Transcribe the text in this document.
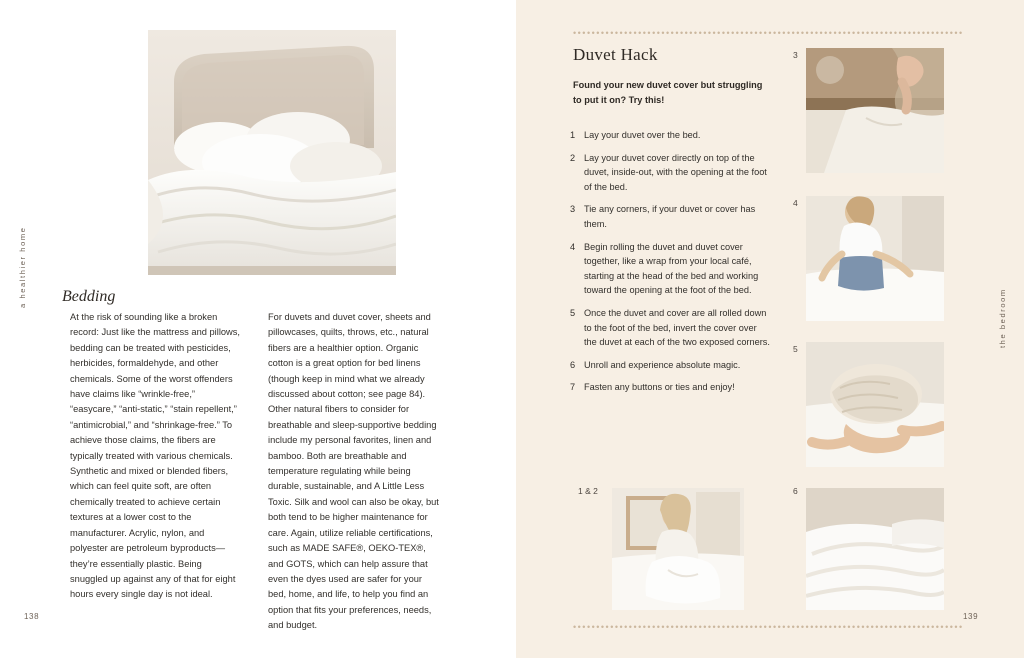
a healthier home Bedding

At the risk of sounding like a broken record: Just like the mattress and pillows, bedding can be treated with pesticides, herbicides, formaldehyde, and other chemicals. Some of the worst offenders have claims like “wrinkle-free,” “easycare,” “anti-static,” “stain repellent,” “antimicrobial,” and “shrinkage-free.” To achieve those claims, the fibers are typically treated with various chemicals. Synthetic and mixed or blended fibers, which can feel quite soft, are often chemically treated to achieve certain textures at a lower cost to the manufacturer. Acrylic, nylon, and polyester are petroleum byproducts—they’re essentially plastic. Being snuggled up against any of that for eight hours every single day is not ideal.

For duvets and duvet cover, sheets and pillowcases, quilts, throws, etc., natural fibers are a healthier option. Organic cotton is a great option for bed linens (though keep in mind what we already discussed about cotton; see page 84). Other natural fibers to consider for breathable and sleep-supportive bedding include my personal favorites, linen and bamboo. Both are breathable and temperature regulating while being durable, sustainable, and A Little Less Toxic. Silk and wool can also be okay, but both tend to be higher maintenance for care. Again, utilize reliable certifications, such as MADE SAFE®, OEKO-TEX®, and GOTS, which can help assure that even the dyes used are safer for your bed, home, and life, to help you find an option that fits your preferences, needs, and budget.

138
••••••••••••••••••••••••••••••••••••••••••••••••••••••••••••••••••••••••••••••••••••
••••••••••••••••••••••••••••••••••••••••••••••••••••••••••••••••••••••••••••••••••••
Duvet Hack
Found your new duvet cover but struggling to put it on? Try this!
1 Lay your duvet over the bed.
2 Lay your duvet cover directly on top of the duvet, inside-out, with the opening at the foot of the bed.
3 Tie any corners, if your duvet or cover has them.
4 Begin rolling the duvet and duvet cover together, like a wrap from your local café, starting at the head of the bed and working toward the opening at the foot of the bed.
5 Once the duvet and cover are all rolled down to the foot of the bed, invert the cover over the duvet at each of the two exposed corners.
6 Unroll and experience absolute magic.
7 Fasten any buttons or ties and enjoy!
3
4
5
1 & 2	6
the bedroom
139
